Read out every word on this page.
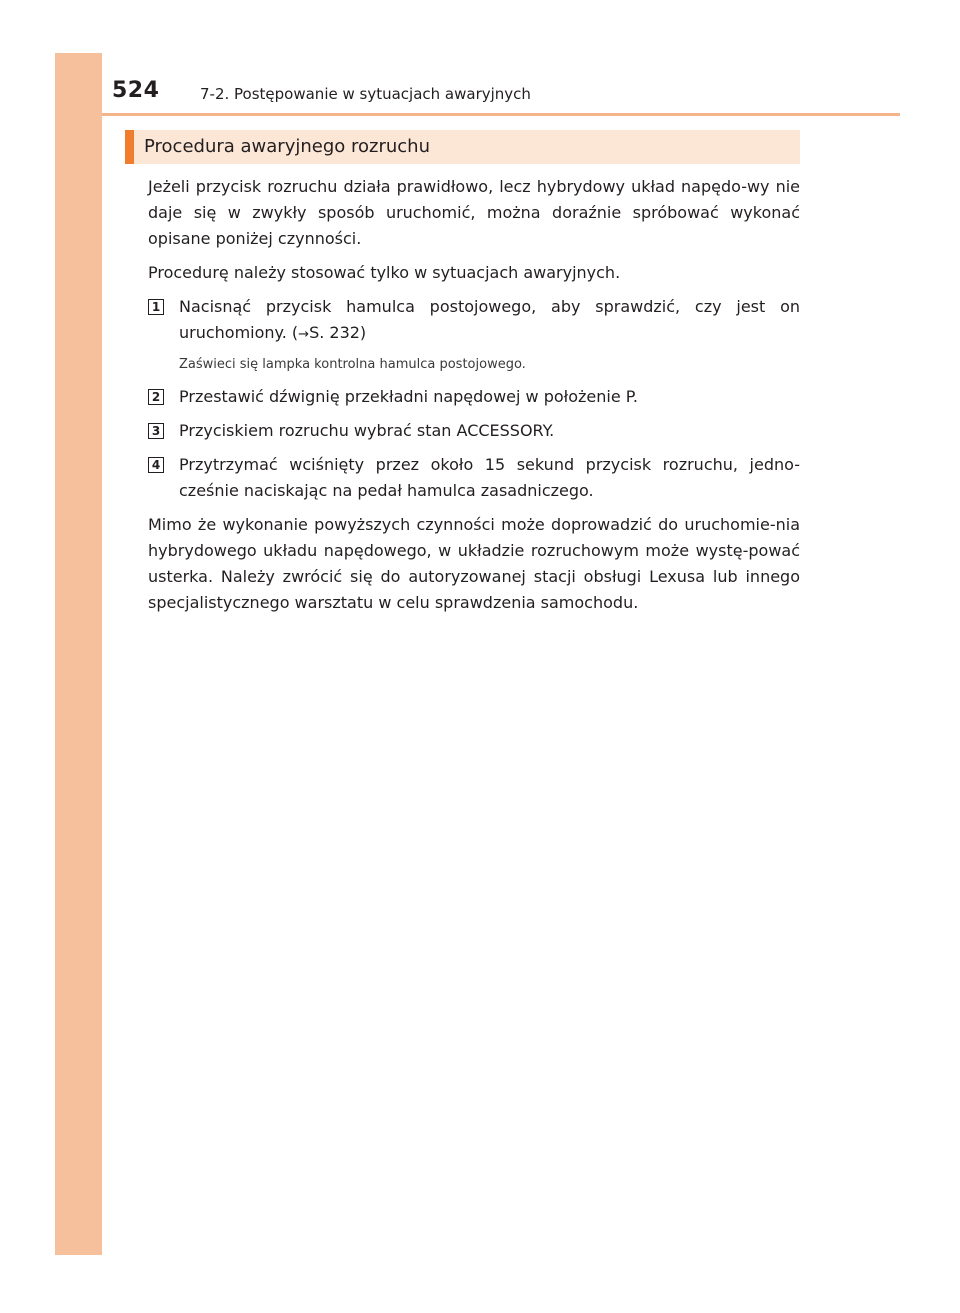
524	7-2. Postępowanie w sytuacjach awaryjnych
Procedura awaryjnego rozruchu

Jeżeli przycisk rozruchu działa prawidłowo, lecz hybrydowy układ napędo-wy nie daje się w zwykły sposób uruchomić, można doraźnie spróbować wykonać opisane poniżej czynności.

Procedurę należy stosować tylko w sytuacjach awaryjnych.

1 Nacisnąć przycisk hamulca postojowego, aby sprawdzić, czy jest on uruchomiony. (→S. 232)
Zaświeci się lampka kontrolna hamulca postojowego.
2 Przestawić dźwignię przekładni napędowej w położenie P.
3 Przyciskiem rozruchu wybrać stan ACCESSORY.
4 Przytrzymać wciśnięty przez około 15 sekund przycisk rozruchu, jedno-cześnie naciskając na pedał hamulca zasadniczego.

Mimo że wykonanie powyższych czynności może doprowadzić do uruchomie-nia hybrydowego układu napędowego, w układzie rozruchowym może wystę-pować usterka. Należy zwrócić się do autoryzowanej stacji obsługi Lexusa lub innego specjalistycznego warsztatu w celu sprawdzenia samochodu.
